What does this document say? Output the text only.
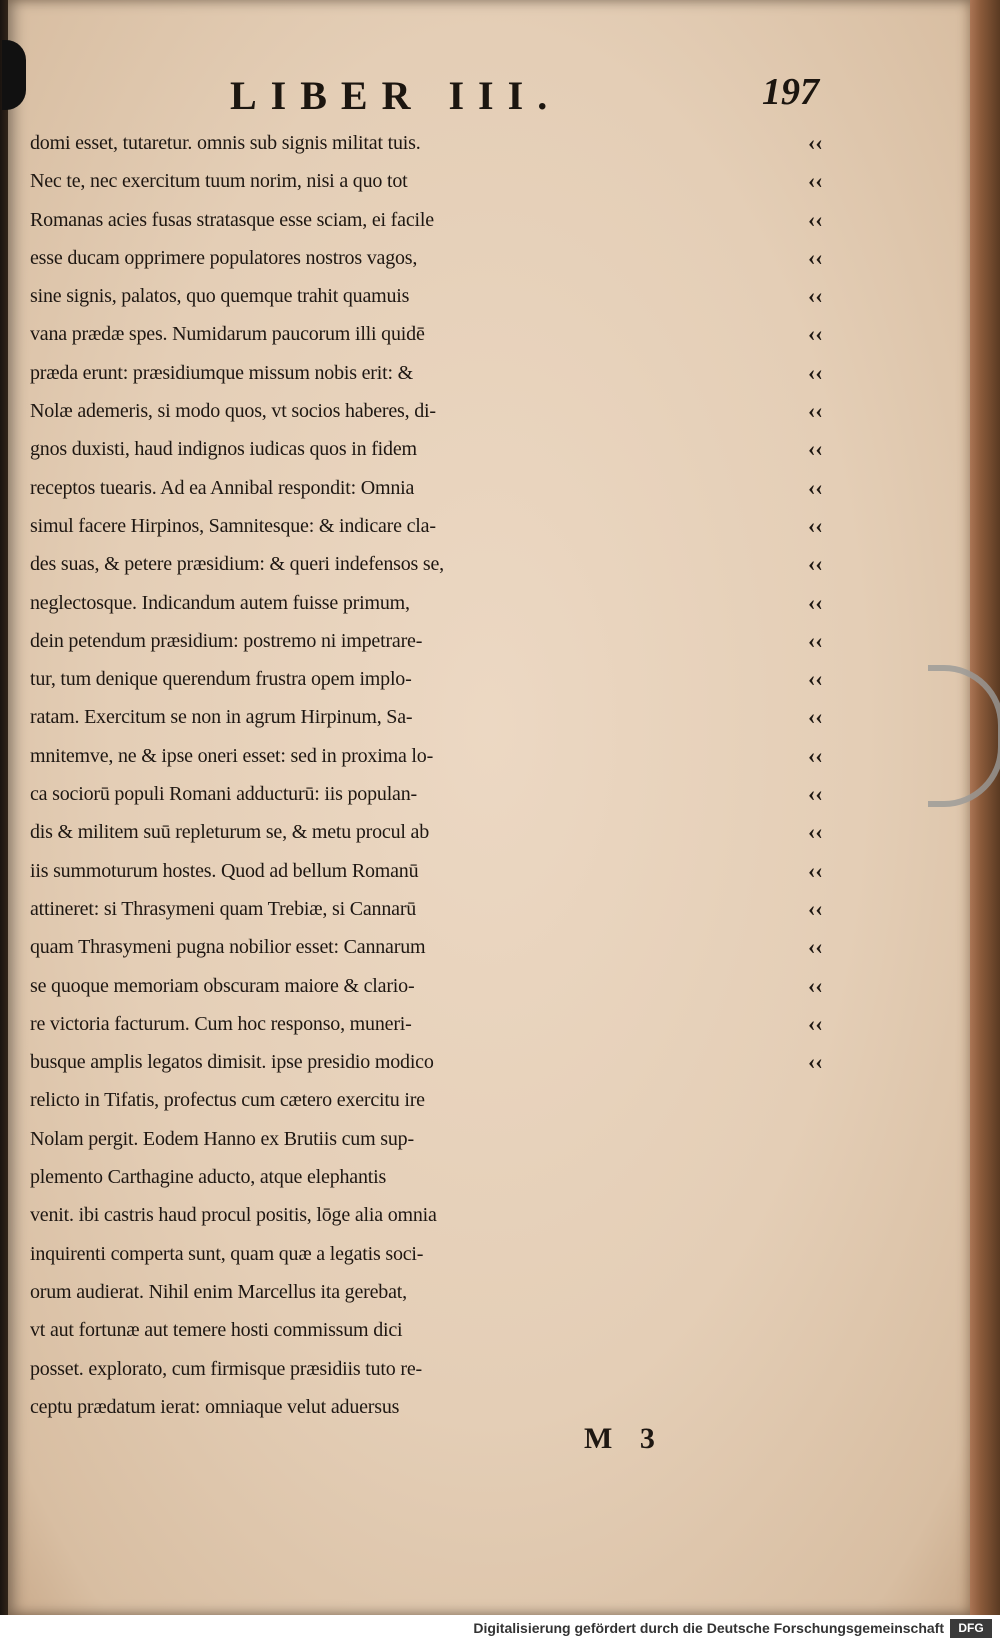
LIBER III.	197
domi esset, tutaretur. omnis sub signis militat tuis.
Nec te, nec exercitum tuum norim, nisi a quo tot
Romanas acies fusas stratasque esse sciam, ei facile
esse ducam opprimere populatores nostros vagos,
sine signis, palatos, quo quemque trahit quamuis
vana prædæ spes. Numidarum paucorum illi quidē
præda erunt: præsidiumque missum nobis erit: &
Nolæ ademeris, si modo quos, vt socios haberes, di-
gnos duxisti, haud indignos iudicas quos in fidem
receptos tuearis. Ad ea Annibal respondit: Omnia
simul facere Hirpinos, Samnitesque: & indicare cla-
des suas, & petere præsidium: & queri indefensos se,
neglectosque. Indicandum autem fuisse primum,
dein petendum præsidium: postremo ni impetrare-
tur, tum denique querendum frustra opem implo-
ratam. Exercitum se non in agrum Hirpinum, Sa-
mnitemve, ne & ipse oneri esset: sed in proxima lo-
ca sociorū populi Romani adducturū: iis populan-
dis & militem suū repleturum se, & metu procul ab
iis summoturum hostes. Quod ad bellum Romanū
attineret: si Thrasymeni quam Trebiæ, si Cannarū
quam Thrasymeni pugna nobilior esset: Cannarum
se quoque memoriam obscuram maiore & clario-
re victoria facturum. Cum hoc responso, muneri-
busque amplis legatos dimisit. ipse presidio modico
relicto in Tifatis, profectus cum cætero exercitu ire
Nolam pergit. Eodem Hanno ex Brutiis cum sup-
plemento Carthagine aducto, atque elephantis
venit. ibi castris haud procul positis, lōge alia omnia
inquirenti comperta sunt, quam quæ a legatis soci-
orum audierat. Nihil enim Marcellus ita gerebat,
vt aut fortunæ aut temere hosti commissum dici
posset. explorato, cum firmisque præsidiis tuto re-
ceptu prædatum ierat: omniaque velut aduersus
‹‹
‹‹
‹‹
‹‹
‹‹
‹‹
‹‹
‹‹
‹‹
‹‹
‹‹
‹‹
‹‹
‹‹
‹‹
‹‹
‹‹
‹‹
‹‹
‹‹
‹‹
‹‹
‹‹
‹‹
‹‹
M 3
Digitalisierung gefördert durch die Deutsche Forschungsgemeinschaft	DFG
